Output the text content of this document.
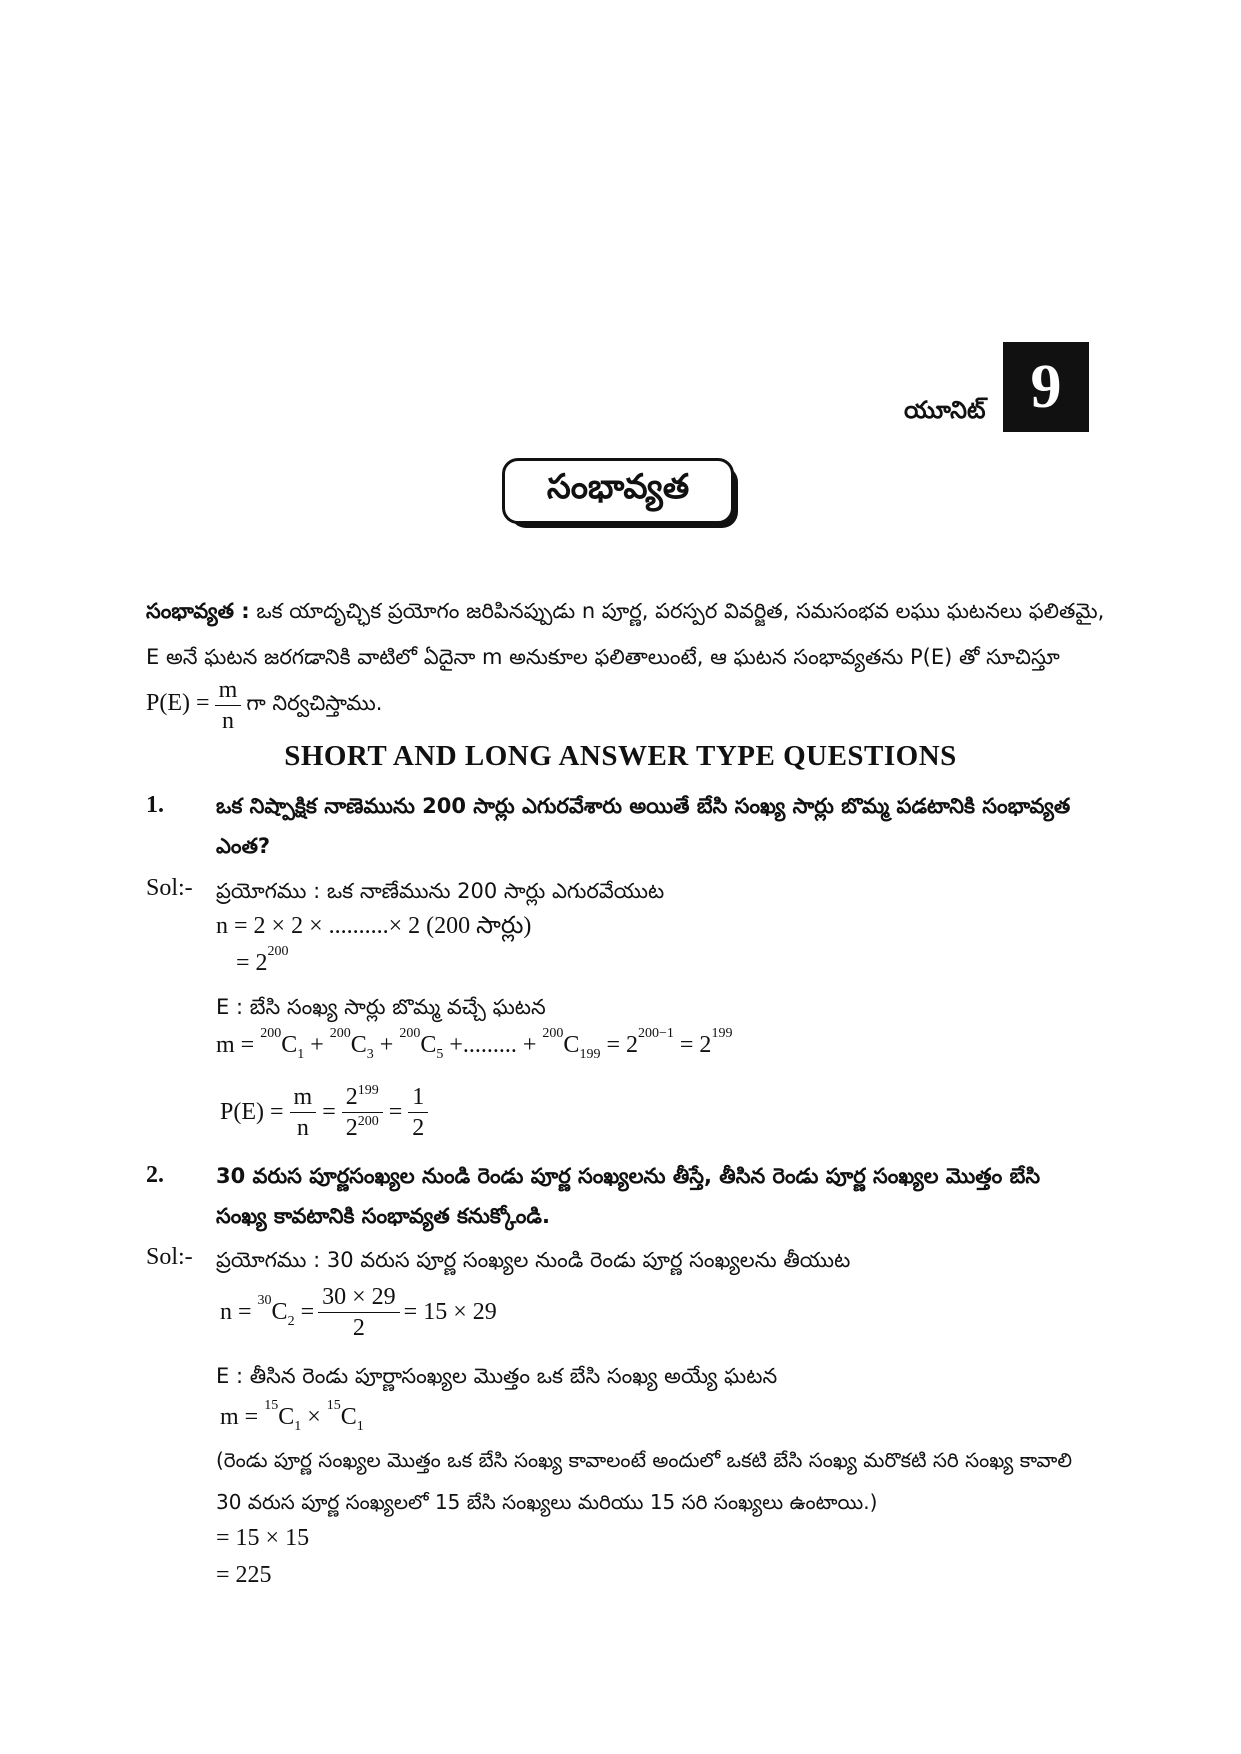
యూనిట్ 9
సంభావ్యత
సంభావ్యత : ఒక యాదృచ్ఛిక ప్రయోగం జరిపినప్పుడు n పూర్ణ, పరస్పర వివర్జిత, సమసంభవ లఘు ఘటనలు ఫలితమై,
E అనే ఘటన జరగడానికి వాటిలో ఏదైనా m అనుకూల ఫలితాలుంటే, ఆ ఘటన సంభావ్యతను P(E) తో సూచిస్తూ
$P(E) = \frac{m}{n}$ గా నిర్వచిస్తాము.
SHORT AND LONG ANSWER TYPE QUESTIONS
1. ఒక నిష్పాక్షిక నాణెమును 200 సార్లు ఎగురవేశారు అయితే బేసి సంఖ్య సార్లు బొమ్మ పడటానికి సంభావ్యత
ఎంత?
Sol:- ప్రయోగము : ఒక నాణేమును 200 సార్లు ఎగురవేయుట
n = 2 × 2 × ..........× 2 (200 సార్లు)
= $2^{200}$
E : బేసి సంఖ్య సార్లు బొమ్మ వచ్చే ఘటన
$m = ^{200}C_1 + ^{200}C_3 + ^{200}C_5$ +......... + $^{200}C_{199} = 2^{200-1} = 2^{199}$
$P(E) = \frac{m}{n} = \frac{2^{199}}{2^{200}} = \frac{1}{2}$
2. 30 వరుస పూర్ణసంఖ్యల నుండి రెండు పూర్ణ సంఖ్యలను తీస్తే, తీసిన రెండు పూర్ణ సంఖ్యల మొత్తం బేసి
సంఖ్య కావటానికి సంభావ్యత కనుక్కోండి.
Sol:- ప్రయోగము : 30 వరుస పూర్ణ సంఖ్యల నుండి రెండు పూర్ణ సంఖ్యలను తీయుట
$n = ^{30}C_2 = \frac{30 \times 29}{2} = 15 \times 29$
E : తీసిన రెండు పూర్ణాసంఖ్యల మొత్తం ఒక బేసి సంఖ్య అయ్యే ఘటన
$m = ^{15}C_1 \times ^{15}C_1$
(రెండు పూర్ణ సంఖ్యల మొత్తం ఒక బేసి సంఖ్య కావాలంటే అందులో ఒకటి బేసి సంఖ్య మరొకటి సరి సంఖ్య కావాలి
30 వరుస పూర్ణ సంఖ్యలలో 15 బేసి సంఖ్యలు మరియు 15 సరి సంఖ్యలు ఉంటాయి.)
= 15 × 15
= 225
